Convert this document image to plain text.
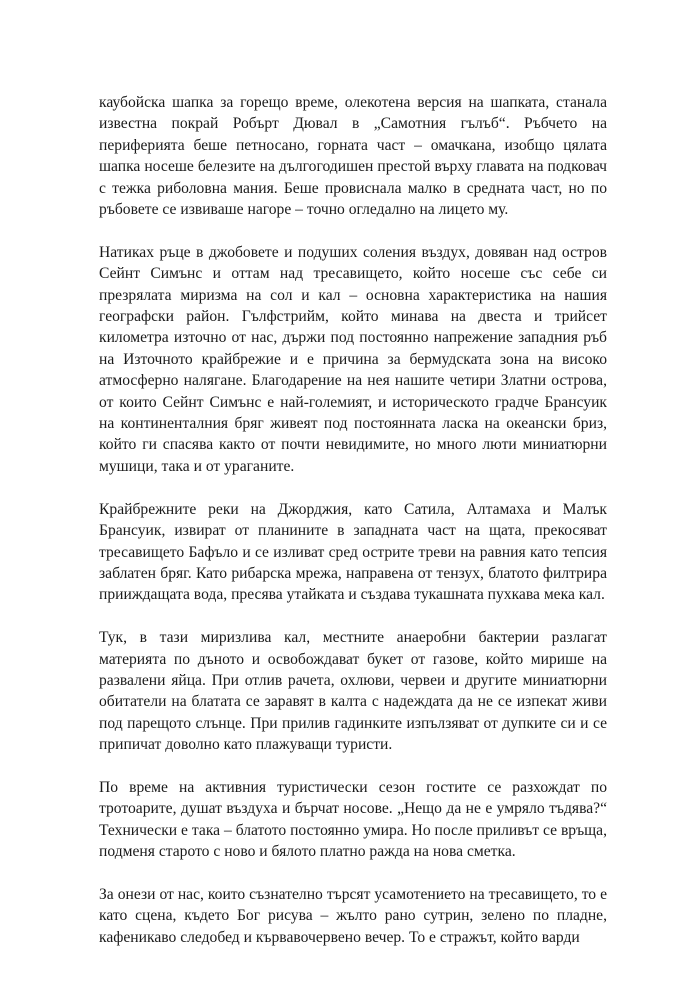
каубойска шапка за горещо време, олекотена версия на шапката, станала известна покрай Робърт Дювал в „Самотния гълъб“. Ръбчето на периферията беше петносано, горната част – омачкана, изобщо цялата шапка носеше белезите на дългогодишен престой върху главата на подковач с тежка риболовна мания. Беше провиснала малко в средната част, но по ръбовете се извиваше нагоре – точно огледално на лицето му.

Натиках ръце в джобовете и подуших соления въздух, довяван над остров Сейнт Симънс и оттам над тресавището, който носеше със себе си презрялата миризма на сол и кал – основна характеристика на нашия географски район. Гълфстрийм, който минава на двеста и трийсет километра източно от нас, държи под постоянно напрежение западния ръб на Източното крайбрежие и е причина за бермудската зона на високо атмосферно налягане. Благодарение на нея нашите четири Златни острова, от които Сейнт Симънс е най-големият, и историческото градче Брансуик на континенталния бряг живеят под постоянната ласка на океански бриз, който ги спасява както от почти невидимите, но много люти миниатюрни мушици, така и от ураганите.

Крайбрежните реки на Джорджия, като Сатила, Алтамаха и Малък Брансуик, извират от планините в западната част на щата, прекосяват тресавището Бафъло и се изливат сред острите треви на равния като тепсия заблатен бряг. Като рибарска мрежа, направена от тензух, блатото филтрира прииждащата вода, пресява утайката и създава тукашната пухкава мека кал.

Тук, в тази миризлива кал, местните анаеробни бактерии разлагат материята по дъното и освобождават букет от газове, който мирише на развалени яйца. При отлив рачета, охлюви, червеи и другите миниатюрни обитатели на блатата се заравят в калта с надеждата да не се изпекат живи под парещото слънце. При прилив гадинките изпълзяват от дупките си и се припичат доволно като плажуващи туристи.

По време на активния туристически сезон гостите се разхождат по тротоарите, душат въздуха и бърчат носове. „Нещо да не е умряло тъдява?“ Технически е така – блатото постоянно умира. Но после приливът се връща, подменя старото с ново и бялото платно ражда на нова сметка.

За онези от нас, които съзнателно търсят усамотението на тресавището, то е като сцена, където Бог рисува – жълто рано сутрин, зелено по пладне, кафеникаво следобед и кървавочервено вечер. То е стражът, който варди
